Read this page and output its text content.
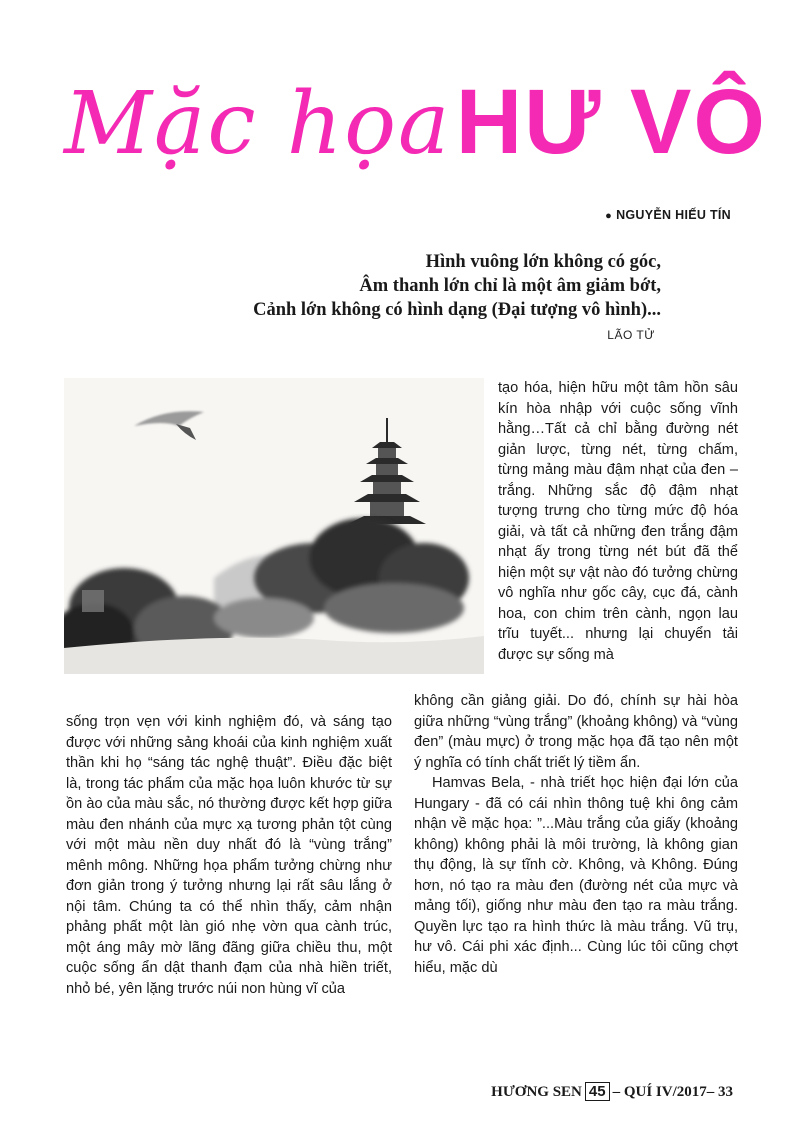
Mặc họa HƯ VÔ
● NGUYỄN HIẾU TÍN
Hình vuông lớn không có góc,
Âm thanh lớn chỉ là một âm giảm bớt,
Cảnh lớn không có hình dạng (Đại tượng vô hình)...
LÃO TỬ

tạo hóa, hiện hữu một tâm hồn sâu kín hòa nhập với cuộc sống vĩnh hằng…Tất cả chỉ bằng đường nét giản lược, từng nét, từng chấm, từng mảng màu đậm nhạt của đen – trắng. Những sắc độ đậm nhạt tượng trưng cho từng mức độ hóa giải, và tất cả những đen trắng đậm nhạt ấy trong từng nét bút đã thể hiện một sự vật nào đó tưởng chừng vô nghĩa như gốc cây, cục đá, cành hoa, con chim trên cành, ngọn lau trĩu tuyết... nhưng lại chuyển tải được sự sống mà

sống trọn vẹn với kinh nghiệm đó, và sáng tạo được với những sảng khoái của kinh nghiệm xuất thần khi họ “sáng tác nghệ thuật”. Điều đặc biệt là, trong tác phẩm của mặc họa luôn khước từ sự ồn ào của màu sắc, nó thường được kết hợp giữa màu đen nhánh của mực xạ tương phản tột cùng với một màu nền duy nhất đó là “vùng trắng” mênh mông. Những họa phẩm tưởng chừng như đơn giản trong ý tưởng nhưng lại rất sâu lắng ở nội tâm. Chúng ta có thể nhìn thấy, cảm nhận phảng phất một làn gió nhẹ vờn qua cành trúc, một áng mây mờ lãng đãng giữa chiều thu, một cuộc sống ẩn dật thanh đạm của nhà hiền triết, nhỏ bé, yên lặng trước núi non hùng vĩ của

không cần giảng giải. Do đó, chính sự hài hòa giữa những “vùng trắng” (khoảng không) và “vùng đen” (màu mực) ở trong mặc họa đã tạo nên một ý nghĩa có tính chất triết lý tiềm ẩn.

Hamvas Bela, - nhà triết học hiện đại lớn của Hungary - đã có cái nhìn thông tuệ khi ông cảm nhận về mặc họa: ”...Màu trắng của giấy (khoảng không) không phải là môi trường, là không gian thụ động, là sự tĩnh cờ. Không, và Không. Đúng hơn, nó tạo ra màu đen (đường nét của mực và mảng tối), giống như màu đen tạo ra màu trắng. Quyền lực tạo ra hình thức là màu trắng. Vũ trụ, hư vô. Cái phi xác định... Cùng lúc tôi cũng chợt hiểu, mặc dù

HƯƠNG SEN 45 – QUÍ IV/2017– 33
